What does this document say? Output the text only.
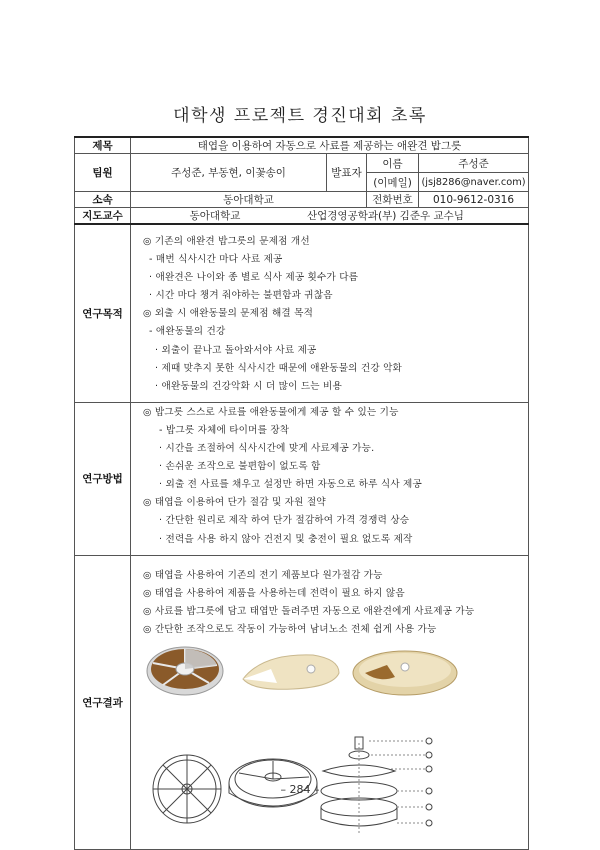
대학생 프로젝트 경진대회 초록
제목	태엽을 이용하여 자동으로 사료를 제공하는 애완견 밥그릇
팀원	주성준, 부동현, 이꽃송이	발표자	이름	주성준
(이메일)	(jsj8286@naver.com)
소속	동아대학교	전화번호	010-9612-0316
지도교수		동아대학교	산업경영공학과(부) 김준우 교수님

연구목적	
◎ 기존의 애완견 밥그릇의 문제점 개선
- 매번 식사시간 마다 사료 제공
· 애완견은 나이와 종 별로 식사 제공 횟수가 다름
· 시간 마다 챙겨 줘야하는 불편함과 귀찮음
◎ 외출 시 애완동물의 문제점 해결 목적
- 애완동물의 건강
· 외출이 끝나고 돌아와서야 사료 제공
· 제때 맞추지 못한 식사시간 때문에 애완동물의 건강 악화
· 애완동물의 건강악화 시 더 많이 드는 비용

연구방법	
◎ 밥그릇 스스로 사료를 애완동물에게 제공 할 수 있는 기능
- 밥그릇 자체에 타이머를 장착
· 시간을 조절하여 식사시간에 맞게 사료제공 가능.
· 손쉬운 조작으로 불편함이 없도록 함
· 외출 전 사료를 채우고 설정만 하면 자동으로 하루 식사 제공
◎ 태엽을 이용하여 단가 절감 및 자원 절약
· 간단한 원리로 제작 하여 단가 절감하여 가격 경쟁력 상승
· 전력을 사용 하지 않아 건전지 및 충전이 필요 없도록 제작

연구결과	
◎ 태엽을 사용하여 기존의 전기 제품보다 원가절감 가능
◎ 태엽을 사용하여 제품을 사용하는데 전력이 필요 하지 않음
◎ 사료를 밥그릇에 담고 태엽만 돌려주면 자동으로 애완견에게 사료제공 가능
◎ 간단한 조작으로도 작동이 가능하여 남녀노소 전체 쉽게 사용 가능
– 284 –
